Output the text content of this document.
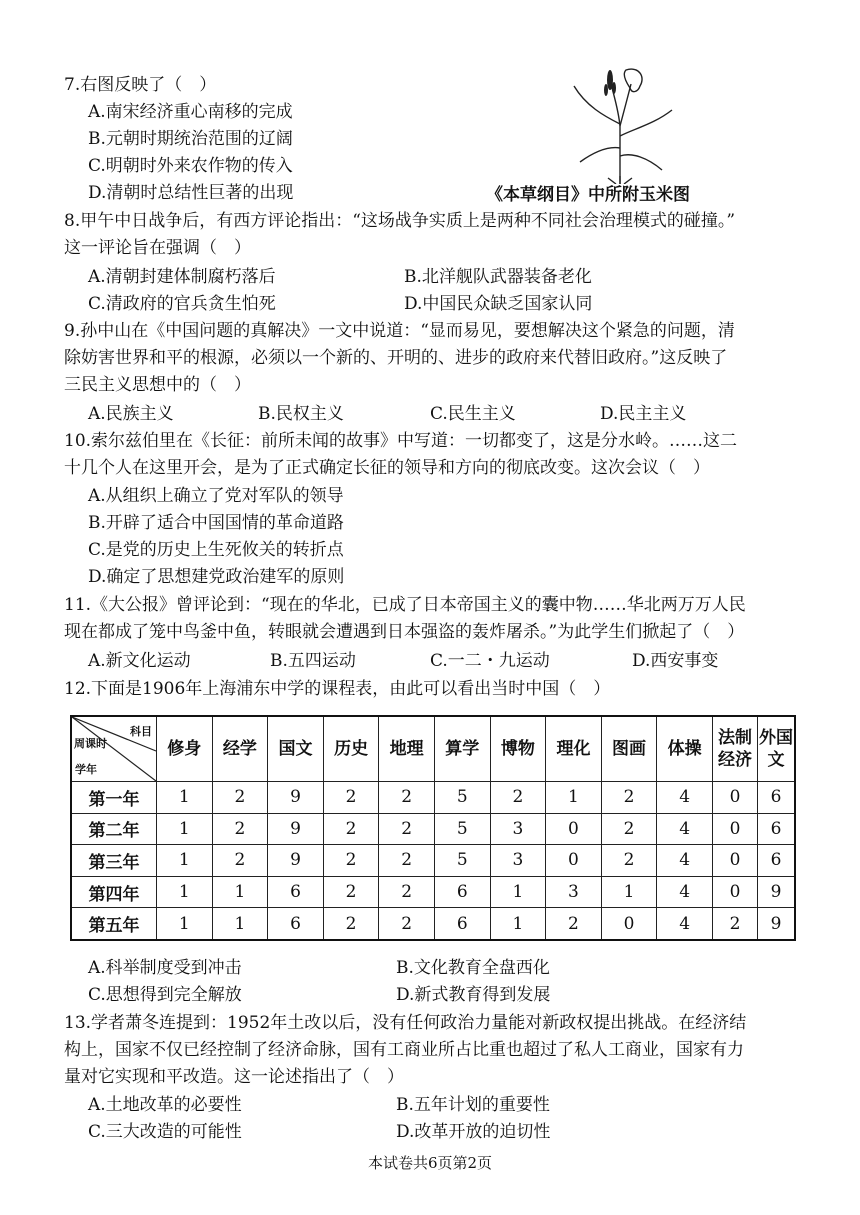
7.右图反映了（　）
A.南宋经济重心南移的完成
B.元朝时期统治范围的辽阔
C.明朝时外来农作物的传入
D.清朝时总结性巨著的出现	《本草纲目》中所附玉米图
8.甲午中日战争后，有西方评论指出：“这场战争实质上是两种不同社会治理模式的碰撞。”
这一评论旨在强调（　）
A.清朝封建体制腐朽落后	B.北洋舰队武器装备老化
C.清政府的官兵贪生怕死	D.中国民众缺乏国家认同
9.孙中山在《中国问题的真解决》一文中说道：“显而易见，要想解决这个紧急的问题，清
除妨害世界和平的根源，必须以一个新的、开明的、进步的政府来代替旧政府。”这反映了
三民主义思想中的（　）
A.民族主义	B.民权主义	C.民生主义	D.民主主义
10.索尔兹伯里在《长征：前所未闻的故事》中写道：一切都变了，这是分水岭。……这二
十几个人在这里开会，是为了正式确定长征的领导和方向的彻底改变。这次会议（　）
A.从组织上确立了党对军队的领导
B.开辟了适合中国国情的革命道路
C.是党的历史上生死攸关的转折点
D.确定了思想建党政治建军的原则
11.《大公报》曾评论到：“现在的华北，已成了日本帝国主义的囊中物……华北两万万人民
现在都成了笼中鸟釜中鱼，转眼就会遭遇到日本强盗的轰炸屠杀。”为此学生们掀起了（　）
A.新文化运动	B.五四运动	C.一二・九运动	D.西安事变
12.下面是1906年上海浦东中学的课程表，由此可以看出当时中国（　）
科目
周课时
学年	修身	经学	国文	历史	地理	算学	博物	理化	图画	体操	法制经济	外国文
第一年	1	2	9	2	2	5	2	1	2	4	0	6
第二年	1	2	9	2	2	5	3	0	2	4	0	6
第三年	1	2	9	2	2	5	3	0	2	4	0	6
第四年	1	1	6	2	2	6	1	3	1	4	0	9
第五年	1	1	6	2	2	6	1	2	0	4	2	9
A.科举制度受到冲击	B.文化教育全盘西化
C.思想得到完全解放	D.新式教育得到发展
13.学者萧冬连提到：1952年土改以后，没有任何政治力量能对新政权提出挑战。在经济结
构上，国家不仅已经控制了经济命脉，国有工商业所占比重也超过了私人工商业，国家有力
量对它实现和平改造。这一论述指出了（　）
A.土地改革的必要性	B.五年计划的重要性
C.三大改造的可能性	D.改革开放的迫切性
本试卷共6页第2页
